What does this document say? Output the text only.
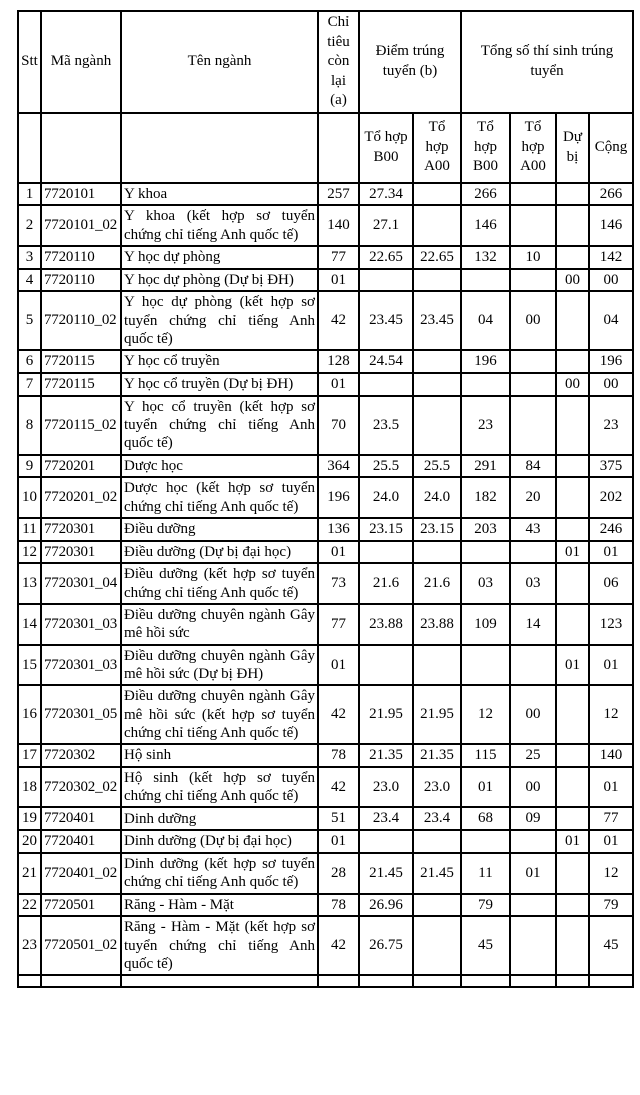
Stt	Mã ngành	Tên ngành	Chỉ tiêu còn lại (a)	Điểm trúng tuyển (b)		Tổng số thí sinh trúng tuyển			
				Tổ hợp B00	Tổ hợp A00	Tổ hợp B00	Tổ hợp A00	Dự bị	Cộng
1	7720101	Y khoa	257	27.34		266			266
2	7720101_02	Y khoa (kết hợp sơ tuyển chứng chỉ tiếng Anh quốc tế)	140	27.1		146			146
3	7720110	Y học dự phòng	77	22.65	22.65	132	10		142
4	7720110	Y học dự phòng (Dự bị ĐH)	01					00	00
5	7720110_02	Y học dự phòng (kết hợp sơ tuyển chứng chỉ tiếng Anh quốc tế)	42	23.45	23.45	04	00		04
6	7720115	Y học cổ truyền	128	24.54		196			196
7	7720115	Y học cổ truyền (Dự bị ĐH)	01					00	00
8	7720115_02	Y học cổ truyền (kết hợp sơ tuyển chứng chỉ tiếng Anh quốc tế)	70	23.5		23			23
9	7720201	Dược học	364	25.5	25.5	291	84		375
10	7720201_02	Dược học (kết hợp sơ tuyển chứng chỉ tiếng Anh quốc tế)	196	24.0	24.0	182	20		202
11	7720301	Điều dưỡng	136	23.15	23.15	203	43		246
12	7720301	Điều dưỡng (Dự bị đại học)	01					01	01
13	7720301_04	Điều dưỡng (kết hợp sơ tuyển chứng chỉ tiếng Anh quốc tế)	73	21.6	21.6	03	03		06
14	7720301_03	Điều dưỡng chuyên ngành Gây mê hồi sức	77	23.88	23.88	109	14		123
15	7720301_03	Điều dưỡng chuyên ngành Gây mê hồi sức (Dự bị ĐH)	01					01	01
16	7720301_05	Điều dưỡng chuyên ngành Gây mê hồi sức (kết hợp sơ tuyển chứng chỉ tiếng Anh quốc tế)	42	21.95	21.95	12	00		12
17	7720302	Hộ sinh	78	21.35	21.35	115	25		140
18	7720302_02	Hộ sinh (kết hợp sơ tuyển chứng chỉ tiếng Anh quốc tế)	42	23.0	23.0	01	00		01
19	7720401	Dinh dưỡng	51	23.4	23.4	68	09		77
20	7720401	Dinh dưỡng (Dự bị đại học)	01					01	01
21	7720401_02	Dinh dưỡng (kết hợp sơ tuyển chứng chỉ tiếng Anh quốc tế)	28	21.45	21.45	11	01		12
22	7720501	Răng - Hàm - Mặt	78	26.96		79			79
23	7720501_02	Răng - Hàm - Mặt (kết hợp sơ tuyển chứng chỉ tiếng Anh quốc tế)	42	26.75		45			45
